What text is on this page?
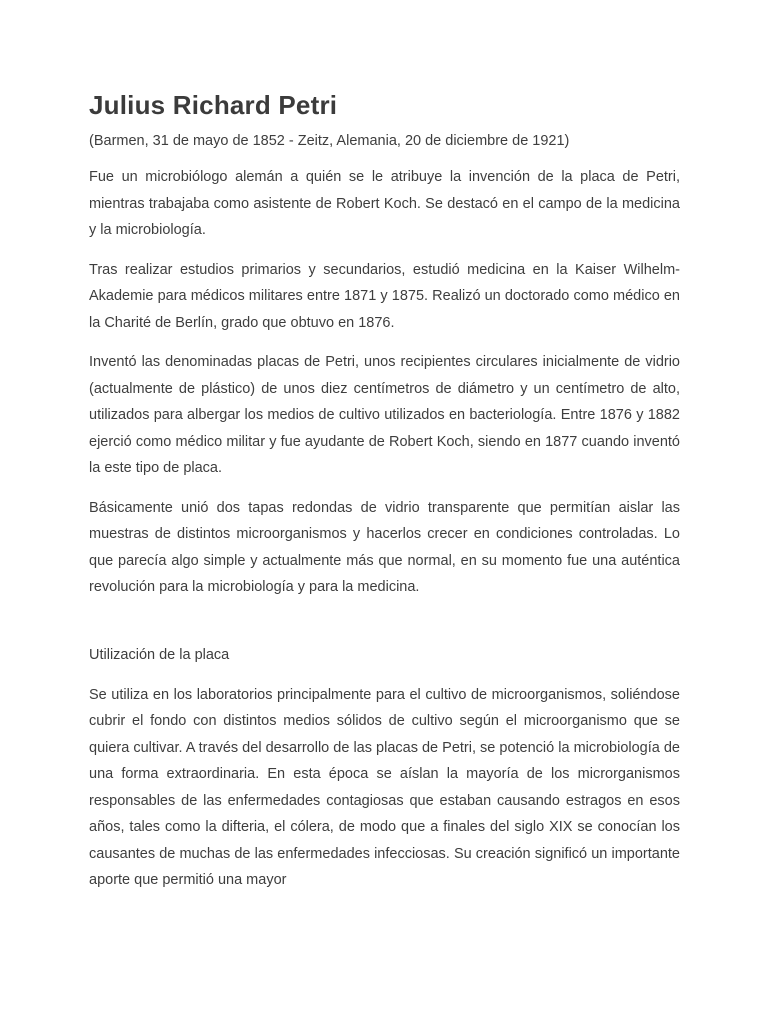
Julius Richard Petri

(Barmen, 31 de mayo de 1852 - Zeitz, Alemania, 20 de diciembre de 1921)

Fue un microbiólogo alemán a quién se le atribuye la invención de la placa de Petri, mientras trabajaba como asistente de Robert Koch. Se destacó en el campo de la medicina y la microbiología.

Tras realizar estudios primarios y secundarios, estudió medicina en la Kaiser Wilhelm-Akademie para médicos militares entre 1871 y 1875. Realizó un doctorado como médico en la Charité de Berlín, grado que obtuvo en 1876.

Inventó las denominadas placas de Petri, unos recipientes circulares inicialmente de vidrio (actualmente de plástico) de unos diez centímetros de diámetro y un centímetro de alto, utilizados para albergar los medios de cultivo utilizados en bacteriología. Entre 1876 y 1882 ejerció como médico militar y fue ayudante de Robert Koch, siendo en 1877 cuando inventó la este tipo de placa.

Básicamente unió dos tapas redondas de vidrio transparente que permitían aislar las muestras de distintos microorganismos y hacerlos crecer en condiciones controladas. Lo que parecía algo simple y actualmente más que normal, en su momento fue una auténtica revolución para la microbiología y para la medicina.

Utilización de la placa

Se utiliza en los laboratorios principalmente para el cultivo de microorganismos, soliéndose cubrir el fondo con distintos medios sólidos de cultivo según el microorganismo que se quiera cultivar. A través del desarrollo de las placas de Petri, se potenció la microbiología de una forma extraordinaria. En esta época se aíslan la mayoría de los microrganismos responsables de las enfermedades contagiosas que estaban causando estragos en esos años, tales como la difteria, el cólera, de modo que a finales del siglo XIX se conocían los causantes de muchas de las enfermedades infecciosas. Su creación significó un importante aporte que permitió una mayor
